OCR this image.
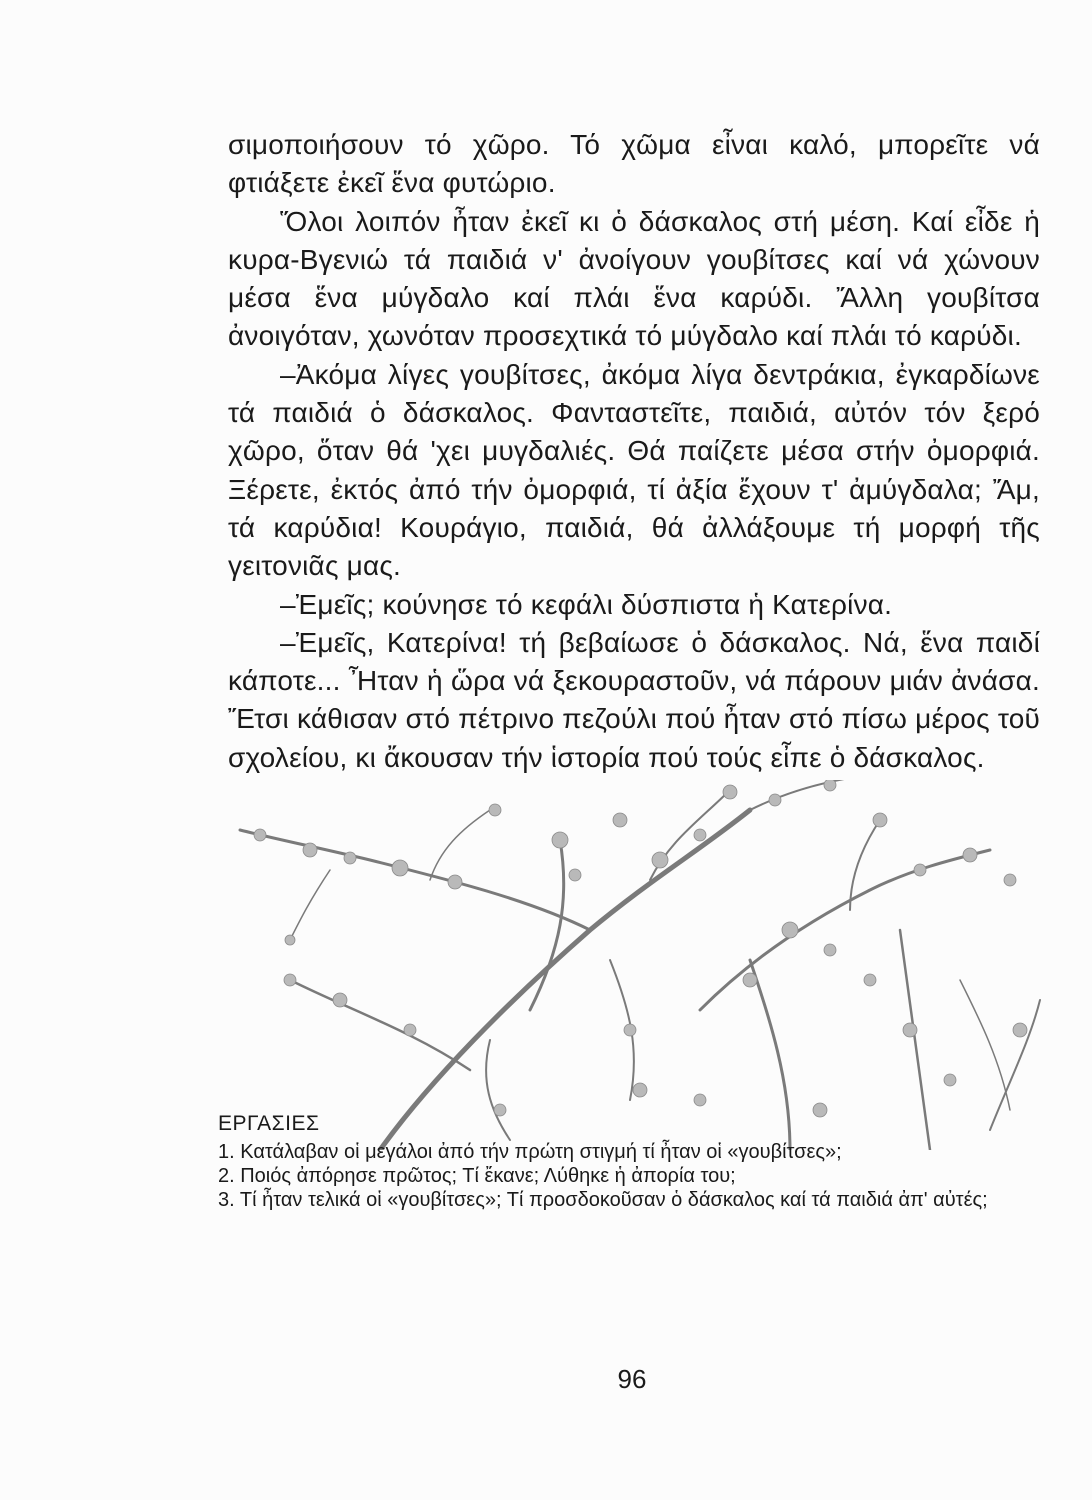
σιμοποιήσουν τό χῶρο. Τό χῶμα εἶναι καλό, μπορεῖτε νά φτιάξετε ἐκεῖ ἕνα φυτώριο.

Ὅλοι λοιπόν ἦταν ἐκεῖ κι ὁ δάσκαλος στή μέση. Καί εἶδε ἡ κυρα-Βγενιώ τά παιδιά ν' ἀνοίγουν γουβίτσες καί νά χώνουν μέσα ἕνα μύγδαλο καί πλάι ἕνα καρύδι. Ἄλλη γουβίτσα ἀνοιγόταν, χωνόταν προσεχτικά τό μύγδαλο καί πλάι τό καρύδι.

–Ἀκόμα λίγες γουβίτσες, ἀκόμα λίγα δεντράκια, ἐγκαρδίωνε τά παιδιά ὁ δάσκαλος. Φανταστεῖτε, παιδιά, αὐτόν τόν ξερό χῶρο, ὅταν θά 'χει μυγδαλιές. Θά παίζετε μέσα στήν ὀμορφιά. Ξέρετε, ἐκτός ἀπό τήν ὀμορφιά, τί ἀξία ἔχουν τ' ἀμύγδαλα; Ἄμ, τά καρύδια! Κουράγιο, παιδιά, θά ἀλλάξουμε τή μορφή τῆς γειτονιᾶς μας.

–Ἐμεῖς; κούνησε τό κεφάλι δύσπιστα ἡ Κατερίνα.

–Ἐμεῖς, Κατερίνα! τή βεβαίωσε ὁ δάσκαλος. Νά, ἕνα παιδί κάποτε... Ἦταν ἡ ὥρα νά ξεκουραστοῦν, νά πάρουν μιάν ἀνάσα. Ἔτσι κάθισαν στό πέτρινο πεζούλι πού ἦταν στό πίσω μέρος τοῦ σχολείου, κι ἄκουσαν τήν ἱστορία πού τούς εἶπε ὁ δάσκαλος.

ΕΡΓΑΣΙΕΣ

1. Κατάλαβαν οἱ μεγάλοι ἀπό τήν πρώτη στιγμή τί ἦταν οἱ «γουβίτσες»;
2. Ποιός ἀπόρησε πρῶτος; Τί ἔκανε; Λύθηκε ἡ ἀπορία του;
3. Τί ἦταν τελικά οἱ «γουβίτσες»; Τί προσδοκοῦσαν ὁ δάσκαλος καί τά παιδιά ἀπ' αὐτές;
96
